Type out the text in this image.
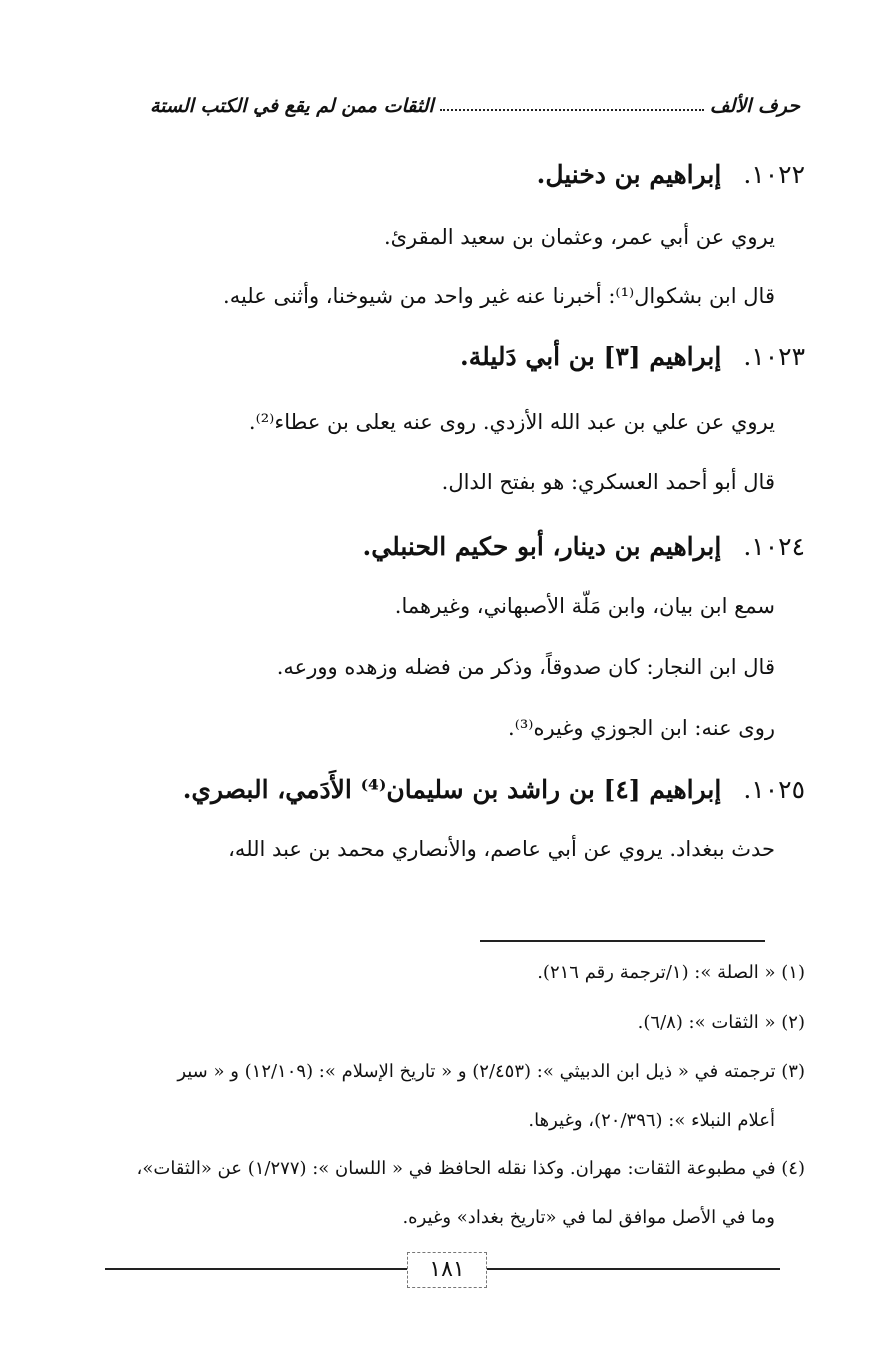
حرف الألف
الثقات ممن لم يقع في الكتب الستة
١٠٢٢.إبراهيم بن دخنيل.
يروي عن أبي عمر، وعثمان بن سعيد المقرئ.
قال ابن بشكوال⁽¹⁾: أخبرنا عنه غير واحد من شيوخنا، وأثنى عليه.
١٠٢٣.إبراهيم [٣] بن أبي دَليلة.
يروي عن علي بن عبد الله الأزدي. روى عنه يعلى بن عطاء⁽²⁾.
قال أبو أحمد العسكري: هو بفتح الدال.
١٠٢٤.إبراهيم بن دينار، أبو حكيم الحنبلي.
سمع ابن بيان، وابن مَلّة الأصبهاني، وغيرهما.
قال ابن النجار: كان صدوقاً، وذكر من فضله وزهده وورعه.
روى عنه: ابن الجوزي وغيره⁽³⁾.
١٠٢٥.إبراهيم [٤] بن راشد بن سليمان⁽⁴⁾ الأَدَمي، البصري.
حدث ببغداد. يروي عن أبي عاصم، والأنصاري محمد بن عبد الله،
(١) « الصلة »: (١/ترجمة رقم ٢١٦).
(٢) « الثقات »: (٦/٨).
(٣) ترجمته في « ذيل ابن الدبيثي »: (٢/٤٥٣) و « تاريخ الإسلام »: (١٢/١٠٩) و « سير
أعلام النبلاء »: (٢٠/٣٩٦)، وغيرها.
(٤) في مطبوعة الثقات: مهران. وكذا نقله الحافظ في « اللسان »: (١/٢٧٧) عن «الثقات»،
وما في الأصل موافق لما في «تاريخ بغداد» وغيره.
١٨١
